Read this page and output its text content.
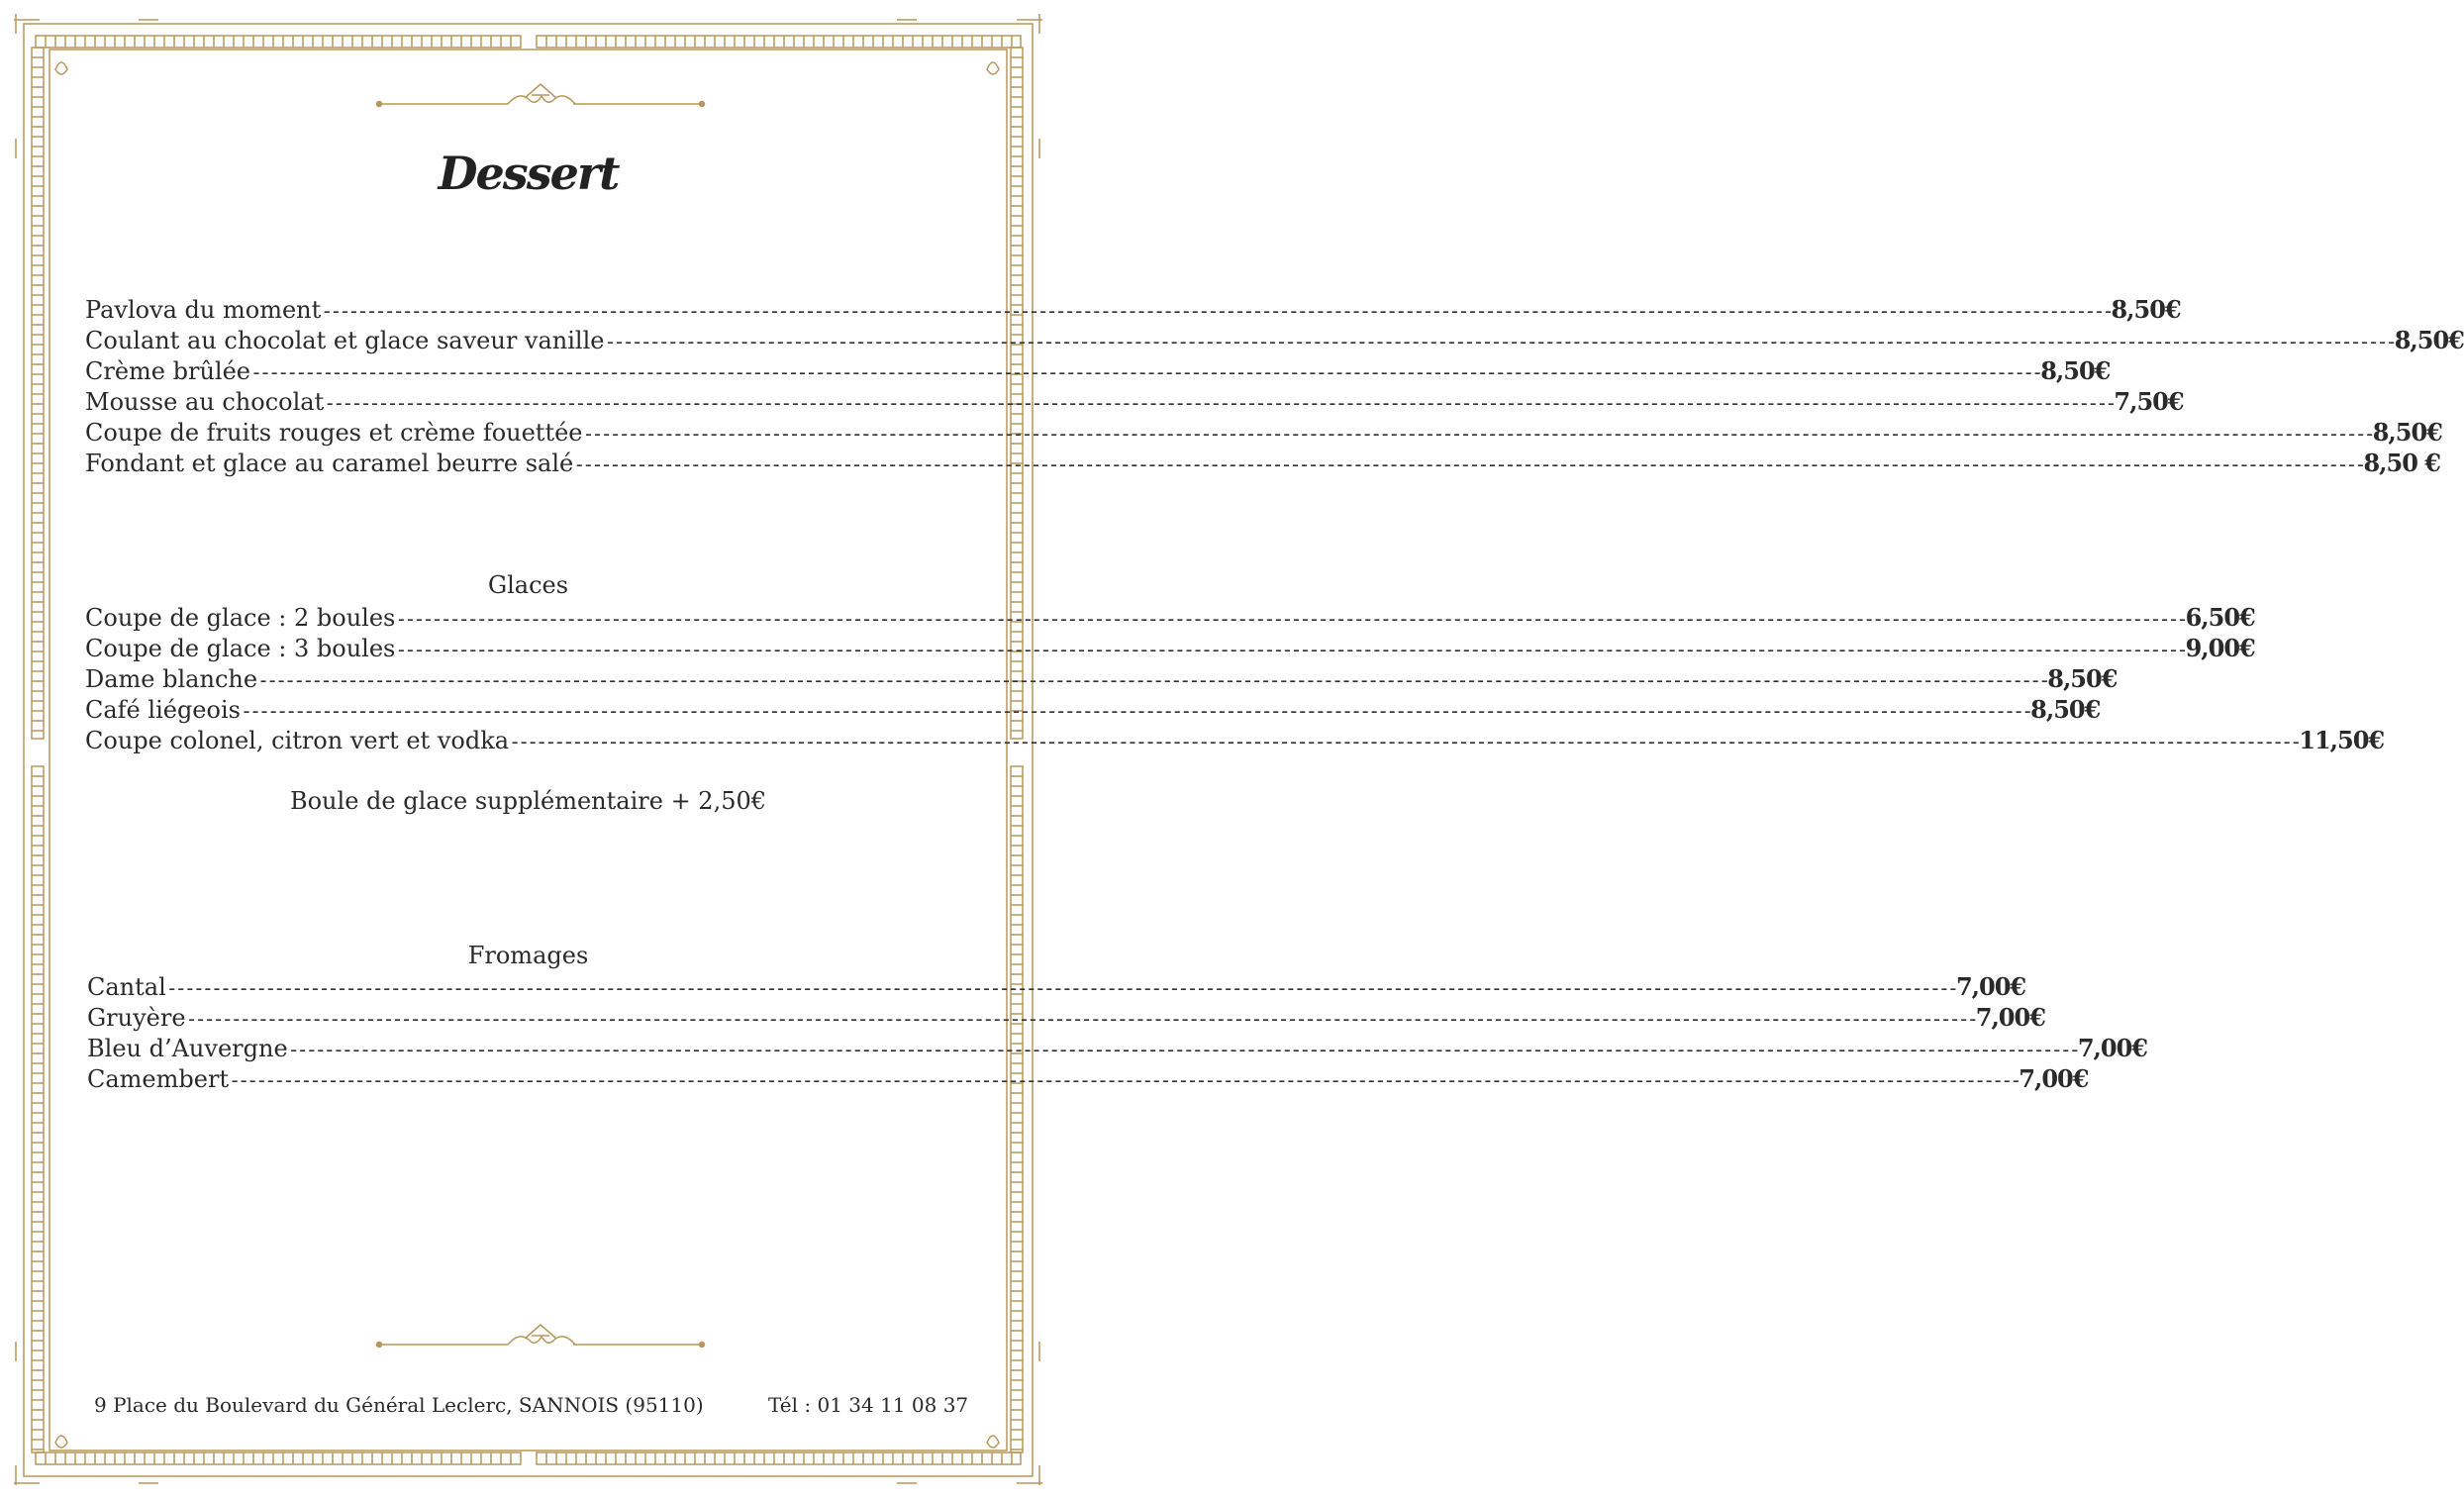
Dessert
Pavlova du moment -------------------------------------------------------------------------------------------------------------------------------------------------------------------------------------------------------- 8,50€
Coulant au chocolat et glace saveur vanille -------------------------------------------------------------------------------------------------------------------------------------------------------------------------------------------------------- 8,50€
Crème brûlée -------------------------------------------------------------------------------------------------------------------------------------------------------------------------------------------------------- 8,50€
Mousse au chocolat -------------------------------------------------------------------------------------------------------------------------------------------------------------------------------------------------------- 7,50€
Coupe de fruits rouges et crème fouettée -------------------------------------------------------------------------------------------------------------------------------------------------------------------------------------------------------- 8,50€
Fondant et glace au caramel beurre salé -------------------------------------------------------------------------------------------------------------------------------------------------------------------------------------------------------- 8,50 €
Glaces
Coupe de glace : 2 boules -------------------------------------------------------------------------------------------------------------------------------------------------------------------------------------------------------- 6,50€
Coupe de glace : 3 boules -------------------------------------------------------------------------------------------------------------------------------------------------------------------------------------------------------- 9,00€
Dame blanche -------------------------------------------------------------------------------------------------------------------------------------------------------------------------------------------------------- 8,50€
Café liégeois -------------------------------------------------------------------------------------------------------------------------------------------------------------------------------------------------------- 8,50€
Coupe colonel, citron vert et vodka -------------------------------------------------------------------------------------------------------------------------------------------------------------------------------------------------------- 11,50€
Boule de glace supplémentaire + 2,50€
Fromages
Cantal -------------------------------------------------------------------------------------------------------------------------------------------------------------------------------------------------------- 7,00€
Gruyère -------------------------------------------------------------------------------------------------------------------------------------------------------------------------------------------------------- 7,00€
Bleu d’Auvergne -------------------------------------------------------------------------------------------------------------------------------------------------------------------------------------------------------- 7,00€
Camembert -------------------------------------------------------------------------------------------------------------------------------------------------------------------------------------------------------- 7,00€
9 Place du Boulevard du Général Leclerc, SANNOIS (95110)	Tél : 01 34 11 08 37
